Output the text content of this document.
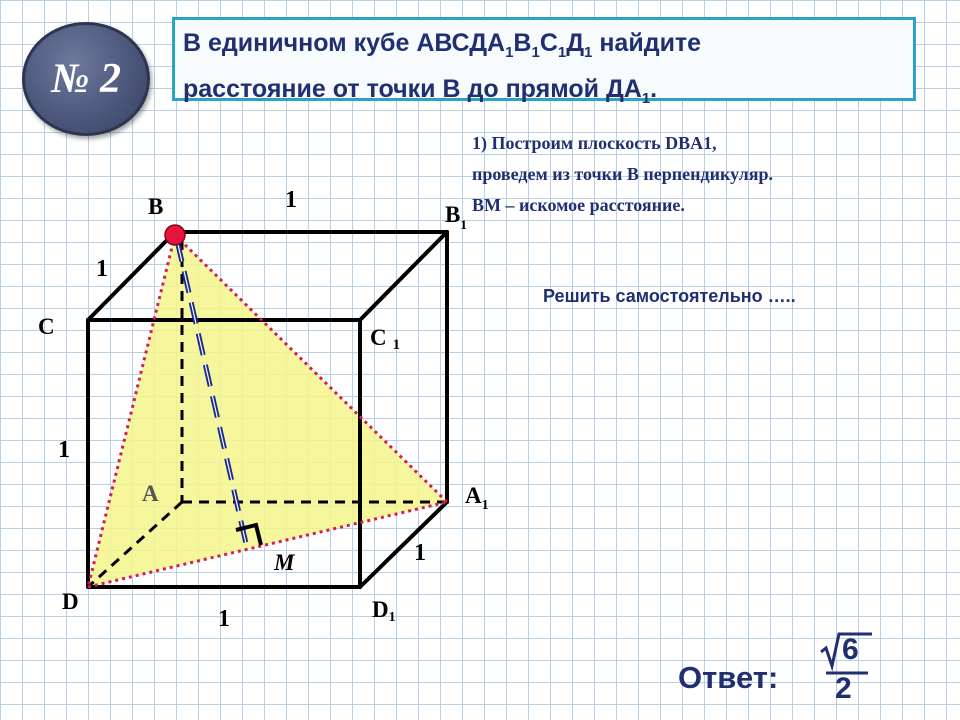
№ 2
В единичном кубе $АВСДА_1В_1С_1Д_1$ найдите
расстояние от точки В до прямой $ДА_1$.
1) Построим плоскость DBA1,
проведем из точки В перпендикуляр.
ВМ – искомое расстояние.
Решить самостоятельно …..
B	$B_1$
C	C 1
A	$A_1$
D	D1
M
1
1
1
1
1
Ответ:
6
2
